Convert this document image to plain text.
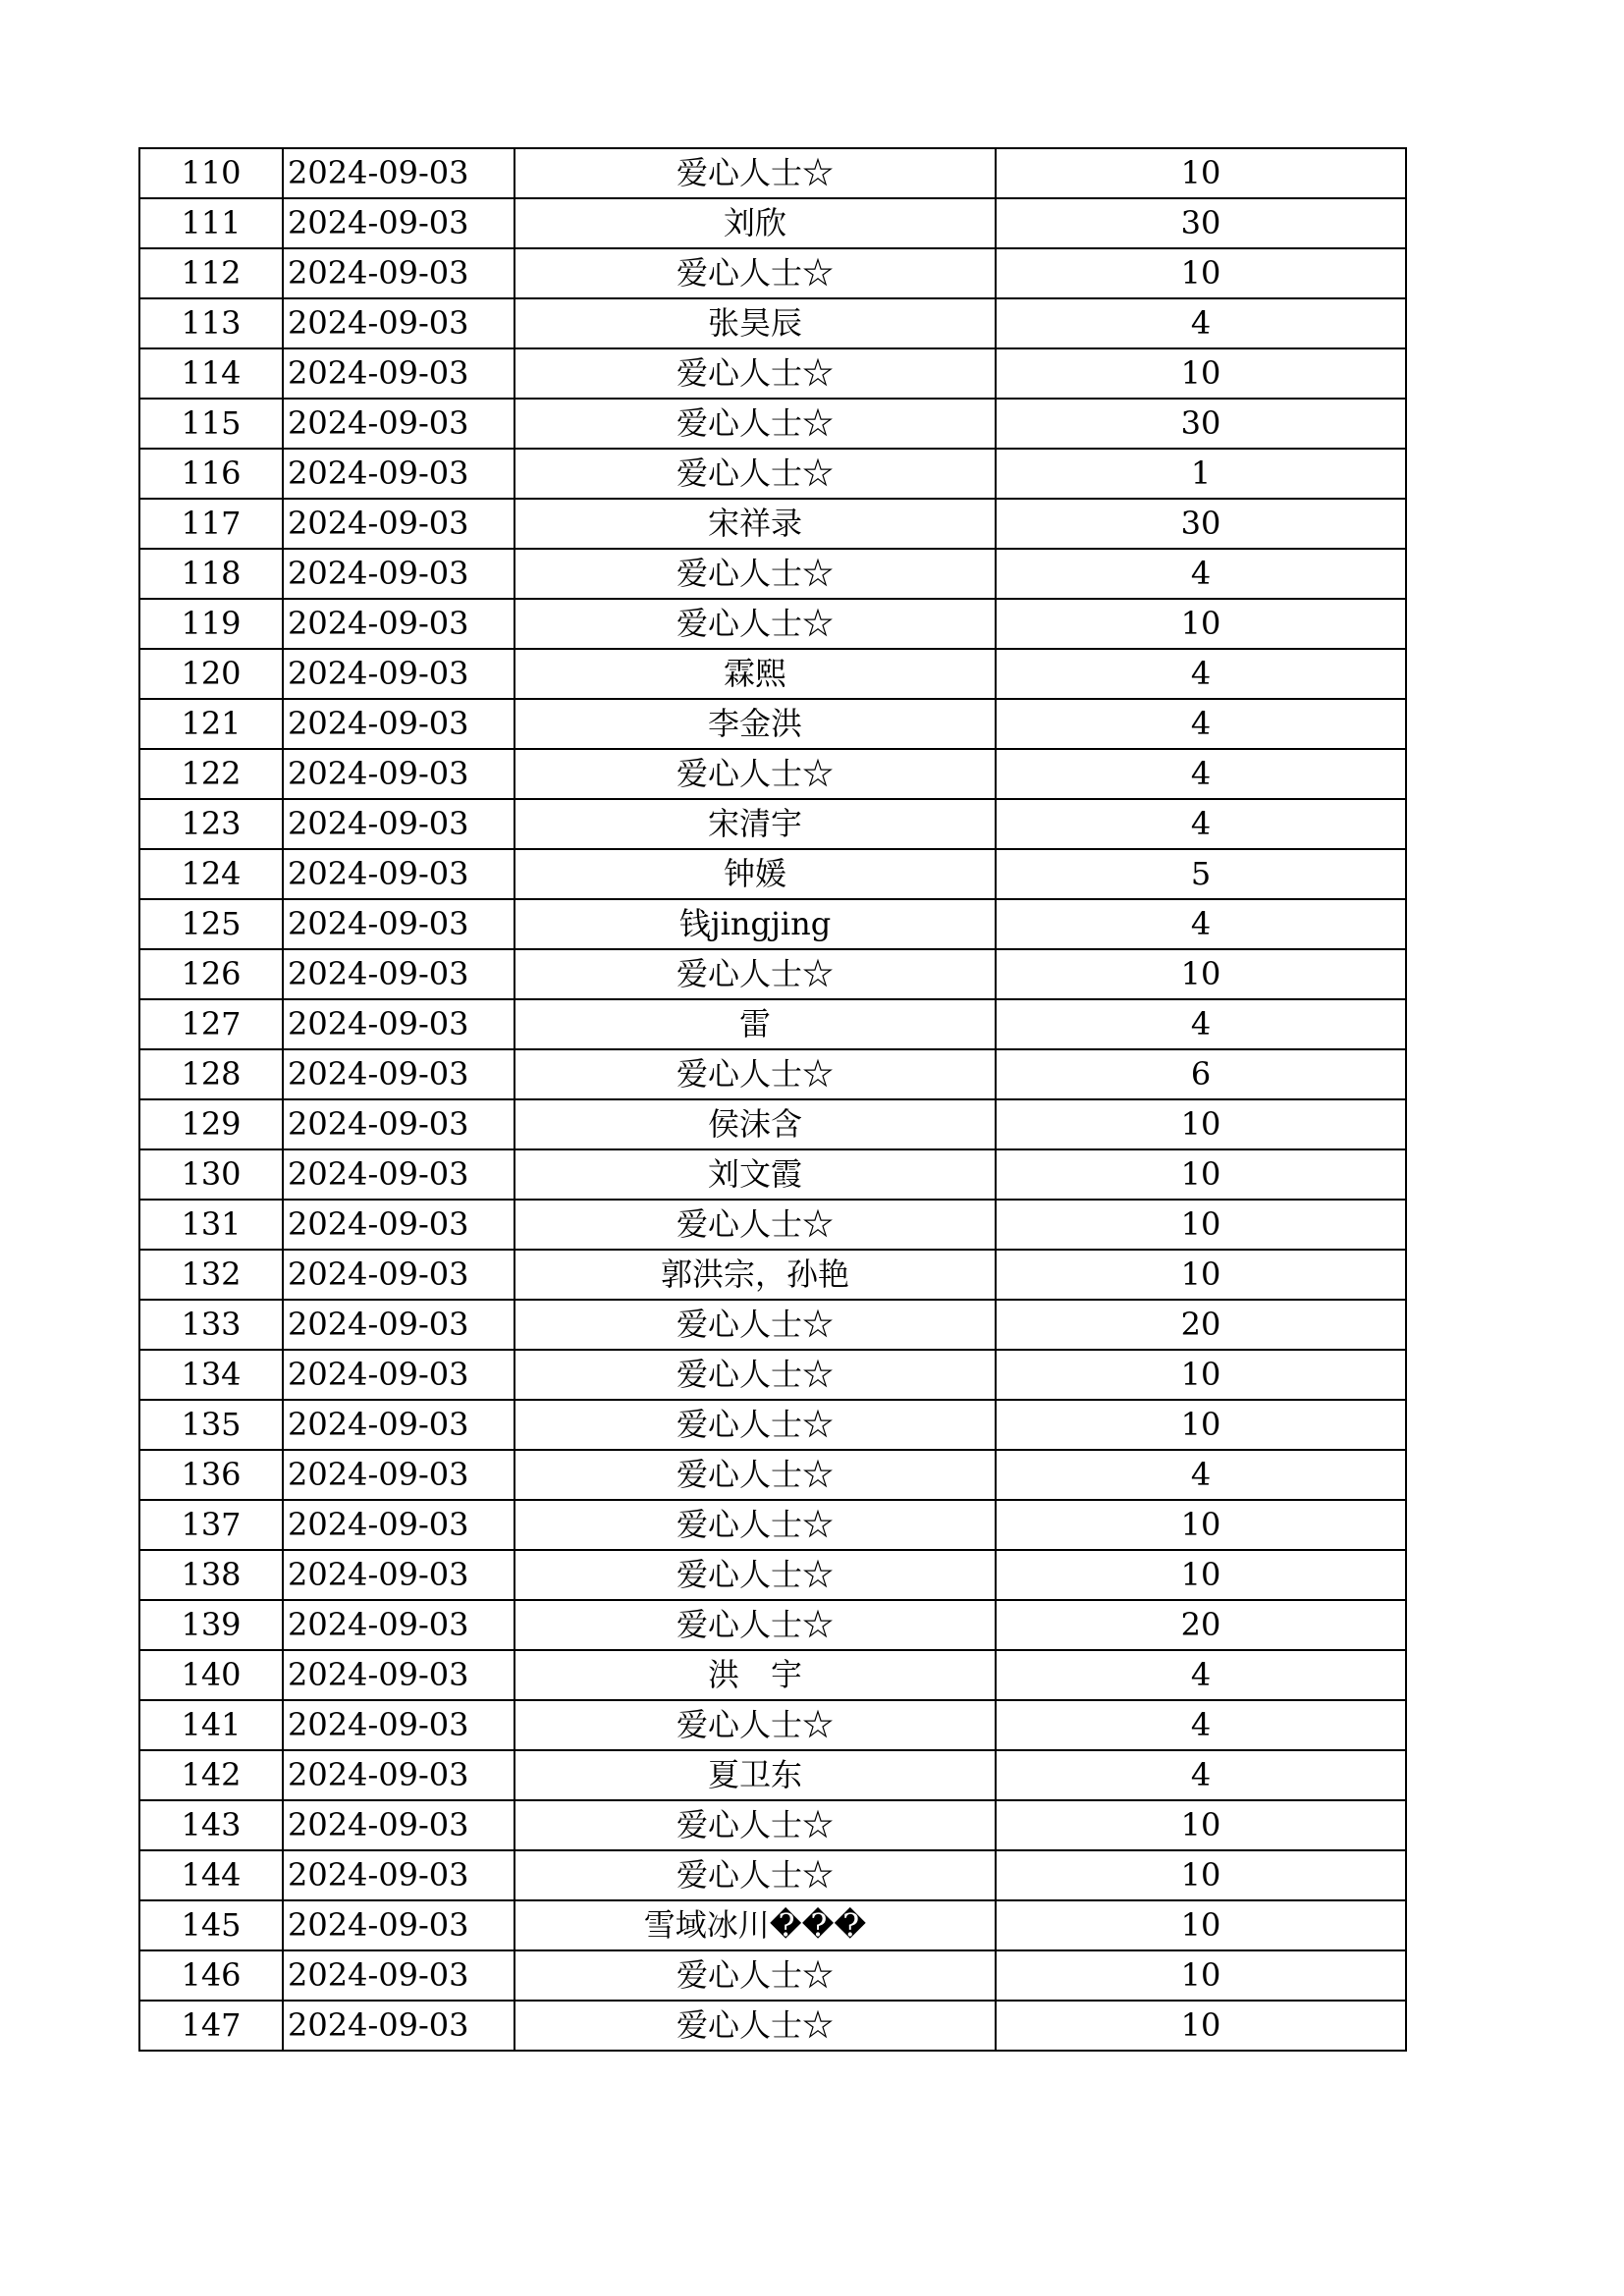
110	2024-09-03	爱心人士☆	10
111	2024-09-03	刘欣	30
112	2024-09-03	爱心人士☆	10
113	2024-09-03	张昊辰	4
114	2024-09-03	爱心人士☆	10
115	2024-09-03	爱心人士☆	30
116	2024-09-03	爱心人士☆	1
117	2024-09-03	宋祥录	30
118	2024-09-03	爱心人士☆	4
119	2024-09-03	爱心人士☆	10
120	2024-09-03	霖熙	4
121	2024-09-03	李金洪	4
122	2024-09-03	爱心人士☆	4
123	2024-09-03	宋清宇	4
124	2024-09-03	钟媛	5
125	2024-09-03	钱jingjing	4
126	2024-09-03	爱心人士☆	10
127	2024-09-03	雷	4
128	2024-09-03	爱心人士☆	6
129	2024-09-03	侯沫含	10
130	2024-09-03	刘文霞	10
131	2024-09-03	爱心人士☆	10
132	2024-09-03	郭洪宗，孙艳	10
133	2024-09-03	爱心人士☆	20
134	2024-09-03	爱心人士☆	10
135	2024-09-03	爱心人士☆	10
136	2024-09-03	爱心人士☆	4
137	2024-09-03	爱心人士☆	10
138	2024-09-03	爱心人士☆	10
139	2024-09-03	爱心人士☆	20
140	2024-09-03	洪　宇	4
141	2024-09-03	爱心人士☆	4
142	2024-09-03	夏卫东	4
143	2024-09-03	爱心人士☆	10
144	2024-09-03	爱心人士☆	10
145	2024-09-03	雪域冰川���	10
146	2024-09-03	爱心人士☆	10
147	2024-09-03	爱心人士☆	10
